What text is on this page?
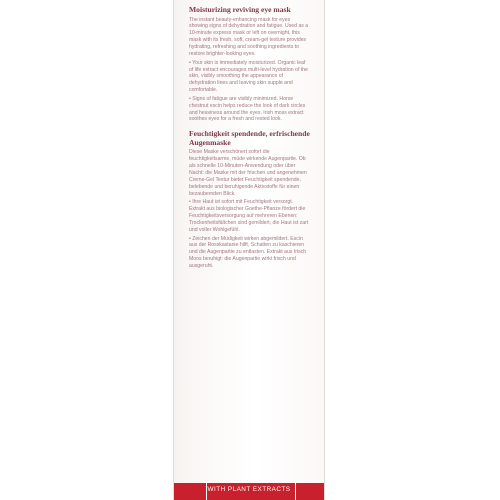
Moisturizing reviving eye mask
The instant beauty-enhancing mask for eyes showing signs of dehydration and fatigue. Used as a 10-minute express mask or left on overnight, this mask with its fresh, soft, cream-gel texture provides hydrating, refreshing and soothing ingredients to restore brighter-looking eyes.
• Your skin is immediately moisturized. Organic leaf of life extract encourages multi-level hydration of the skin, visibly smoothing the appearance of dehydration lines and leaving skin supple and comfortable.
• Signs of fatigue are visibly minimized. Horse chestnut escin helps reduce the look of dark circles and heaviness around the eyes. Irish moss extract soothes eyes for a fresh and rested look.
Feuchtigkeit spendende, erfrischende Augenmaske
Diese Maske verschönert sofort die feuchtigkeitsarme, müde wirkende Augenpartie. Ob als schnelle 10-Minuten-Anwendung oder über Nacht: die Maske mit der frischen und angenehmen Creme-Gel Textur bietet Feuchtigkeit spendende, belebende und beruhigende Aktivstoffe für einen bezaubernden Blick.
• Ihre Haut ist sofort mit Feuchtigkeit versorgt. Extrakt aus biologischer Goethe-Pflanze fördert die Feuchtigkeitsversorgung auf mehreren Ebenen: Trockenheitsfältchen sind gemildert, die Haut ist zart und voller Wohlgefühl.
• Zeichen der Müdigkeit wirken abgemildert. Escin aus der Rosskastanie hilft, Schatten zu kaschieren und die Augenpartie zu entlasten. Extrakt aus Irisch Moos beruhigt: die Augenpartie wirkt frisch und ausgeruht.
WITH PLANT EXTRACTS
